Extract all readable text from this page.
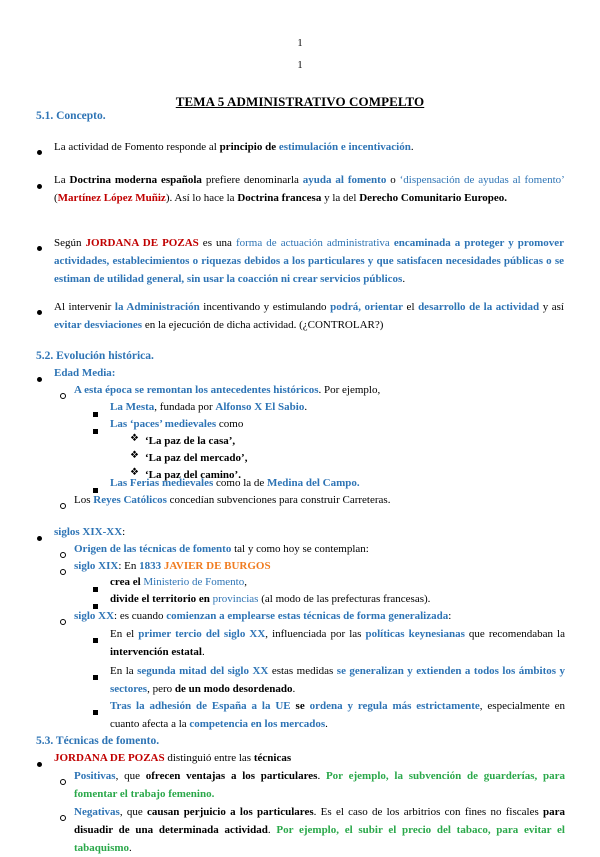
1
1
TEMA 5 ADMINISTRATIVO COMPELTO
5.1. Concepto.
La actividad de Fomento responde al principio de estimulación e incentivación.
La Doctrina moderna española prefiere denominarla ayuda al fomento o ‘dispensación de ayudas al fomento’ (Martínez López Muñiz). Así lo hace la Doctrina francesa y la del Derecho Comunitario Europeo.
Según JORDANA DE POZAS es una forma de actuación administrativa encaminada a proteger y promover actividades, establecimientos o riquezas debidos a los particulares y que satisfacen necesidades públicas o se estiman de utilidad general, sin usar la coacción ni crear servicios públicos.
Al intervenir la Administración incentivando y estimulando podrá, orientar el desarrollo de la actividad y así evitar desviaciones en la ejecución de dicha actividad. (¿CONTROLAR?)
5.2. Evolución histórica.
Edad Media:
A esta época se remontan los antecedentes históricos. Por ejemplo,
La Mesta, fundada por Alfonso X El Sabio.
Las ‘paces’ medievales como
❖ ‘La paz de la casa’,
❖ ‘La paz del mercado’,
❖ ‘La paz del camino’.
Las Ferias medievales como la de Medina del Campo.
Los Reyes Católicos concedían subvenciones para construir Carreteras.
siglos XIX-XX:
Origen de las técnicas de fomento tal y como hoy se contemplan:
siglo XIX: En 1833 JAVIER DE BURGOS
crea el Ministerio de Fomento,
divide el territorio en provincias (al modo de las prefecturas francesas).
siglo XX: es cuando comienzan a emplearse estas técnicas de forma generalizada:
En el primer tercio del siglo XX, influenciada por las políticas keynesianas que recomendaban la intervención estatal.
En la segunda mitad del siglo XX estas medidas se generalizan y extienden a todos los ámbitos y sectores, pero de un modo desordenado.
Tras la adhesión de España a la UE se ordena y regula más estrictamente, especialmente en cuanto afecta a la competencia en los mercados.
5.3. Técnicas de fomento.
JORDANA DE POZAS distinguió entre las técnicas
Positivas, que ofrecen ventajas a los particulares. Por ejemplo, la subvención de guarderías, para fomentar el trabajo femenino.
Negativas, que causan perjuicio a los particulares. Es el caso de los arbitrios con fines no fiscales para disuadir de una determinada actividad. Por ejemplo, el subir el precio del tabaco, para evitar el tabaquismo.
